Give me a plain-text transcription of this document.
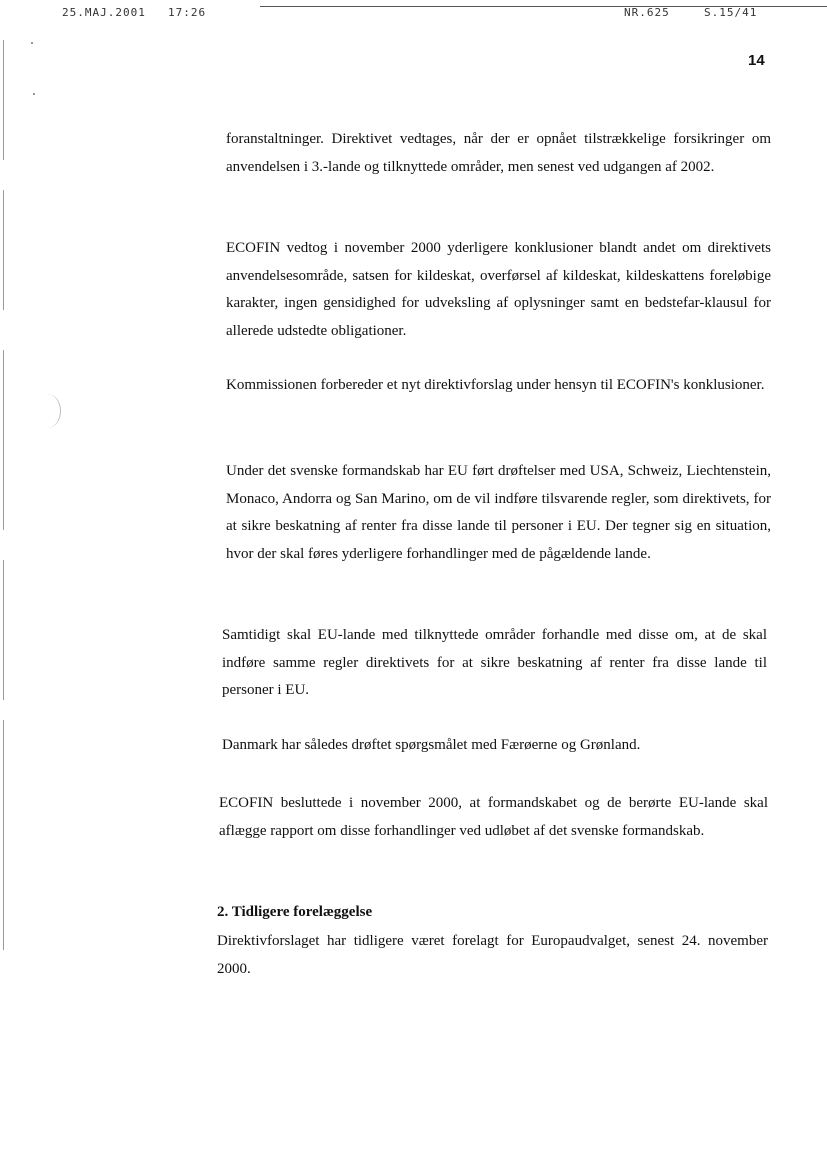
25.MAJ.2001 17:26	NR.625	S.15/41
14

foranstaltninger. Direktivet vedtages, når der er opnået tilstrækkelige forsikringer om anvendelsen i 3.-lande og tilknyttede områder, men senest ved udgangen af 2002.

ECOFIN vedtog i november 2000 yderligere konklusioner blandt andet om direktivets anvendelsesområde, satsen for kildeskat, overførsel af kildeskat, kildeskattens foreløbige karakter, ingen gensidighed for udveksling af oplysninger samt en bedstefar-klausul for allerede udstedte obligationer.

Kommissionen forbereder et nyt direktivforslag under hensyn til ECOFIN's konklusioner.

Under det svenske formandskab har EU ført drøftelser med USA, Schweiz, Liechtenstein, Monaco, Andorra og San Marino, om de vil indføre tilsvarende regler, som direktivets, for at sikre beskatning af renter fra disse lande til personer i EU. Der tegner sig en situation, hvor der skal føres yderligere forhandlinger med de pågældende lande.

Samtidigt skal EU-lande med tilknyttede områder forhandle med disse om, at de skal indføre samme regler direktivets for at sikre beskatning af renter fra disse lande til personer i EU.

Danmark har således drøftet spørgsmålet med Færøerne og Grønland.

ECOFIN besluttede i november 2000, at formandskabet og de berørte EU-lande skal aflægge rapport om disse forhandlinger ved udløbet af det svenske formandskab.

2. Tidligere forelæggelse

Direktivforslaget har tidligere været forelagt for Europaudvalget, senest 24. november 2000.
